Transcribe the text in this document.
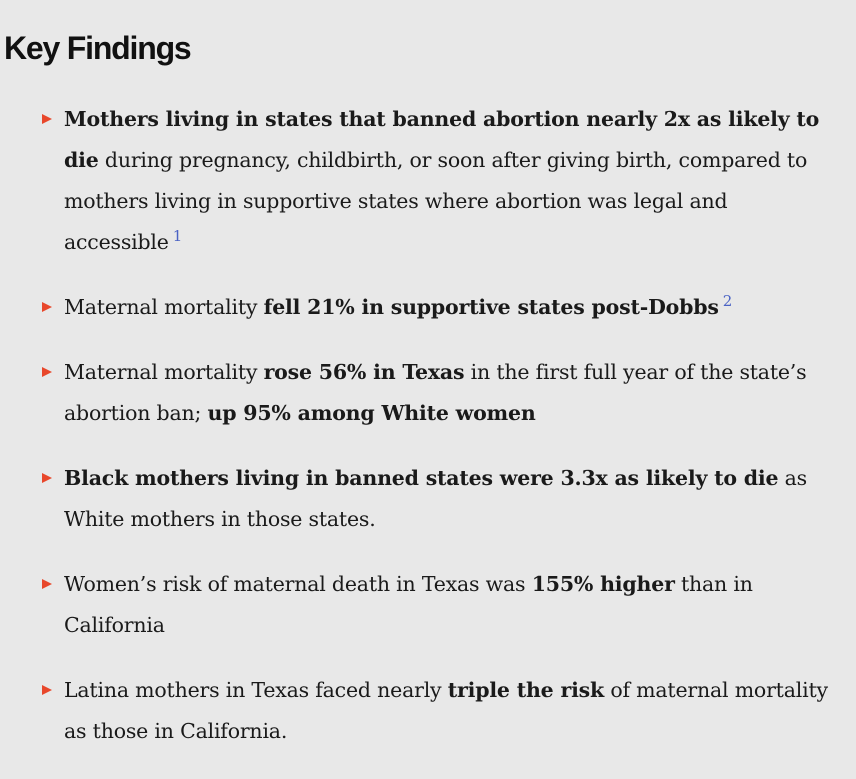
Key Findings
Mothers living in states that banned abortion nearly 2x as likely to die during pregnancy, childbirth, or soon after giving birth, compared to mothers living in supportive states where abortion was legal and accessible $^1$
Maternal mortality fell 21% in supportive states post-Dobbs $^2$
Maternal mortality rose 56% in Texas in the first full year of the state’s abortion ban; up 95% among White women
Black mothers living in banned states were 3.3x as likely to die as White mothers in those states.
Women’s risk of maternal death in Texas was 155% higher than in California
Latina mothers in Texas faced nearly triple the risk of maternal mortality as those in California.
